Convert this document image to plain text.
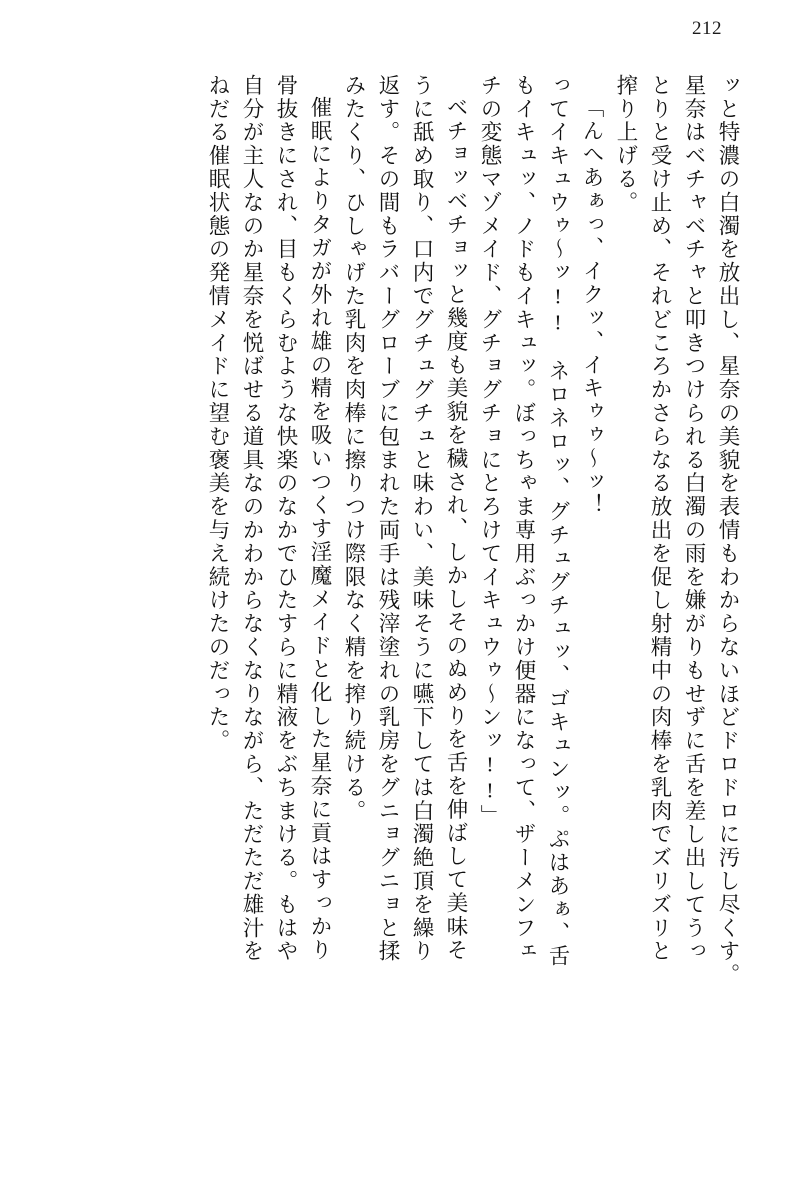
212
ッと特濃の白濁を放出し、星奈の美貌を表情もわからないほどドロドロに汚し尽くす。
星奈はベチャベチャと叩きつけられる白濁の雨を嫌がりもせずに舌を差し出してうっ
とりと受け止め、それどころかさらなる放出を促し射精中の肉棒を乳肉でズリズリと
搾り上げる。
「んへあぁっ、イクッ、イキゥゥ～ッ！
ってイキュウゥ～ッ!!　ネロネロッ、グチュグチュッ、ゴキュンッ。ぷはあぁ、舌
もイキュッ、ノドもイキュッ。ぼっちゃま専用ぶっかけ便器になって、ザーメンフェ
チの変態マゾメイド、グチョグチョにとろけてイキュウゥ～ンッ!!」
ベチョッベチョッと幾度も美貌を穢され、しかしそのぬめりを舌を伸ばして美味そ
うに舐め取り、口内でグチュグチュと味わい、美味そうに嚥下しては白濁絶頂を繰り
返す。その間もラバーグローブに包まれた両手は残滓塗れの乳房をグニョグニョと揉
みたくり、ひしゃげた乳肉を肉棒に擦りつけ際限なく精を搾り続ける。
催眠によりタガが外れ雄の精を吸いつくす淫魔メイドと化した星奈に貢はすっかり
骨抜きにされ、目もくらむような快楽のなかでひたすらに精液をぶちまける。もはや
自分が主人なのか星奈を悦ばせる道具なのかわからなくなりながら、ただただ雄汁を
ねだる催眠状態の発情メイドに望む褒美を与え続けたのだった。
